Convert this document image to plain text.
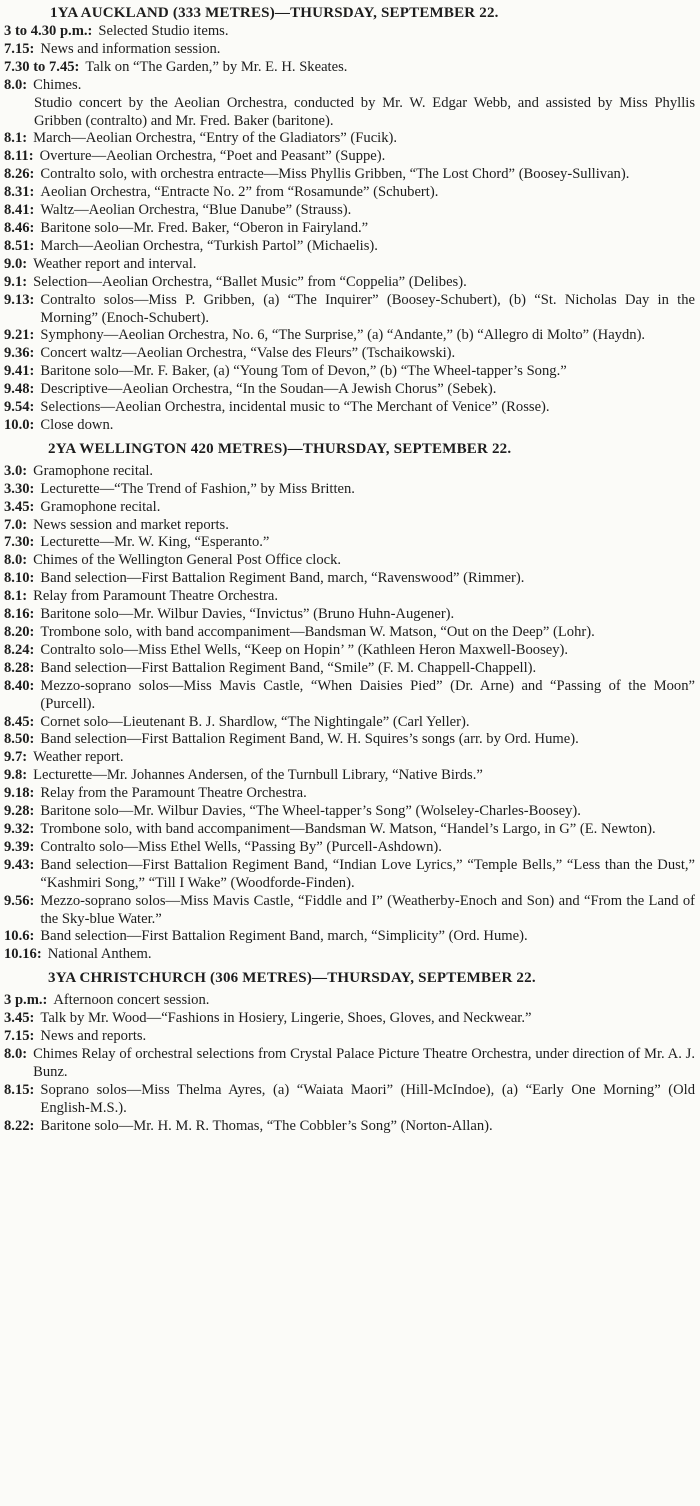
1YA AUCKLAND (333 METRES)—THURSDAY, SEPTEMBER 22.
3 to 4.30 p.m. : Selected Studio items.
7.15 : News and information session.
7.30 to 7.45 : Talk on “The Garden,” by Mr. E. H. Skeates.
8.0 : Chimes.
Studio concert by the Aeolian Orchestra, conducted by Mr. W. Edgar Webb, and assisted by Miss Phyllis Gribben (contralto) and Mr. Fred. Baker (baritone).
8.1 : March—Aeolian Orchestra, “Entry of the Gladiators” (Fucik).
8.11 : Overture—Aeolian Orchestra, “Poet and Peasant” (Suppe).
8.26 : Contralto solo, with orchestra entracte—Miss Phyllis Gribben, “The Lost Chord” (Boosey-Sullivan).
8.31 : Aeolian Orchestra, “Entracte No. 2” from “Rosamunde” (Schubert).
8.41 : Waltz—Aeolian Orchestra, “Blue Danube” (Strauss).
8.46 : Baritone solo—Mr. Fred. Baker, “Oberon in Fairyland.”
8.51 : March—Aeolian Orchestra, “Turkish Partol” (Michaelis).
9.0 : Weather report and interval.
9.1 : Selection—Aeolian Orchestra, “Ballet Music” from “Coppelia” (Delibes).
9.13 : Contralto solos—Miss P. Gribben, (a) “The Inquirer” (Boosey-Schubert), (b) “St. Nicholas Day in the Morning” (Enoch-Schubert).
9.21 : Symphony—Aeolian Orchestra, No. 6, “The Surprise,” (a) “Andante,” (b) “Allegro di Molto” (Haydn).
9.36 : Concert waltz—Aeolian Orchestra, “Valse des Fleurs” (Tschaikowski).
9.41 : Baritone solo—Mr. F. Baker, (a) “Young Tom of Devon,” (b) “The Wheel-tapper’s Song.”
9.48 : Descriptive—Aeolian Orchestra, “In the Soudan—A Jewish Chorus” (Sebek).
9.54 : Selections—Aeolian Orchestra, incidental music to “The Merchant of Venice” (Rosse).
10.0 : Close down.
2YA WELLINGTON 420 METRES)—THURSDAY, SEPTEMBER 22.
3.0 : Gramophone recital.
3.30 : Lecturette—“The Trend of Fashion,” by Miss Britten.
3.45 : Gramophone recital.
7.0 : News session and market reports.
7.30 : Lecturette—Mr. W. King, “Esperanto.”
8.0 : Chimes of the Wellington General Post Office clock.
8.10 : Band selection—First Battalion Regiment Band, march, “Ravenswood” (Rimmer).
8.1 : Relay from Paramount Theatre Orchestra.
8.16 : Baritone solo—Mr. Wilbur Davies, “Invictus” (Bruno Huhn-Augener).
8.20 : Trombone solo, with band accompaniment—Bandsman W. Matson, “Out on the Deep” (Lohr).
8.24 : Contralto solo—Miss Ethel Wells, “Keep on Hopin’ ” (Kathleen Heron Maxwell-Boosey).
8.28 : Band selection—First Battalion Regiment Band, “Smile” (F. M. Chappell-Chappell).
8.40 : Mezzo-soprano solos—Miss Mavis Castle, “When Daisies Pied” (Dr. Arne) and “Passing of the Moon” (Purcell).
8.45 : Cornet solo—Lieutenant B. J. Shardlow, “The Nightingale” (Carl Yeller).
8.50 : Band selection—First Battalion Regiment Band, W. H. Squires’s songs (arr. by Ord. Hume).
9.7 : Weather report.
9.8 : Lecturette—Mr. Johannes Andersen, of the Turnbull Library, “Native Birds.”
9.18 : Relay from the Paramount Theatre Orchestra.
9.28 : Baritone solo—Mr. Wilbur Davies, “The Wheel-tapper’s Song” (Wolseley-Charles-Boosey).
9.32 : Trombone solo, with band accompaniment—Bandsman W. Matson, “Handel’s Largo, in G” (E. Newton).
9.39 : Contralto solo—Miss Ethel Wells, “Passing By” (Purcell-Ashdown).
9.43 : Band selection—First Battalion Regiment Band, “Indian Love Lyrics,” “Temple Bells,” “Less than the Dust,” “Kashmiri Song,” “Till I Wake” (Woodforde-Finden).
9.56 : Mezzo-soprano solos—Miss Mavis Castle, “Fiddle and I” (Weatherby-Enoch and Son) and “From the Land of the Sky-blue Water.”
10.6 : Band selection—First Battalion Regiment Band, march, “Simplicity” (Ord. Hume).
10.16 : National Anthem.
3YA CHRISTCHURCH (306 METRES)—THURSDAY, SEPTEMBER 22.
3 p.m. : Afternoon concert session.
3.45 : Talk by Mr. Wood—“Fashions in Hosiery, Lingerie, Shoes, Gloves, and Neckwear.”
7.15 : News and reports.
8.0 : Chimes Relay of orchestral selections from Crystal Palace Picture Theatre Orchestra, under direction of Mr. A. J. Bunz.
8.15 : Soprano solos—Miss Thelma Ayres, (a) “Waiata Maori” (Hill-McIndoe), (a) “Early One Morning” (Old English-M.S.).
8.22 : Baritone solo—Mr. H. M. R. Thomas, “The Cobbler’s Song” (Norton-Allan).
